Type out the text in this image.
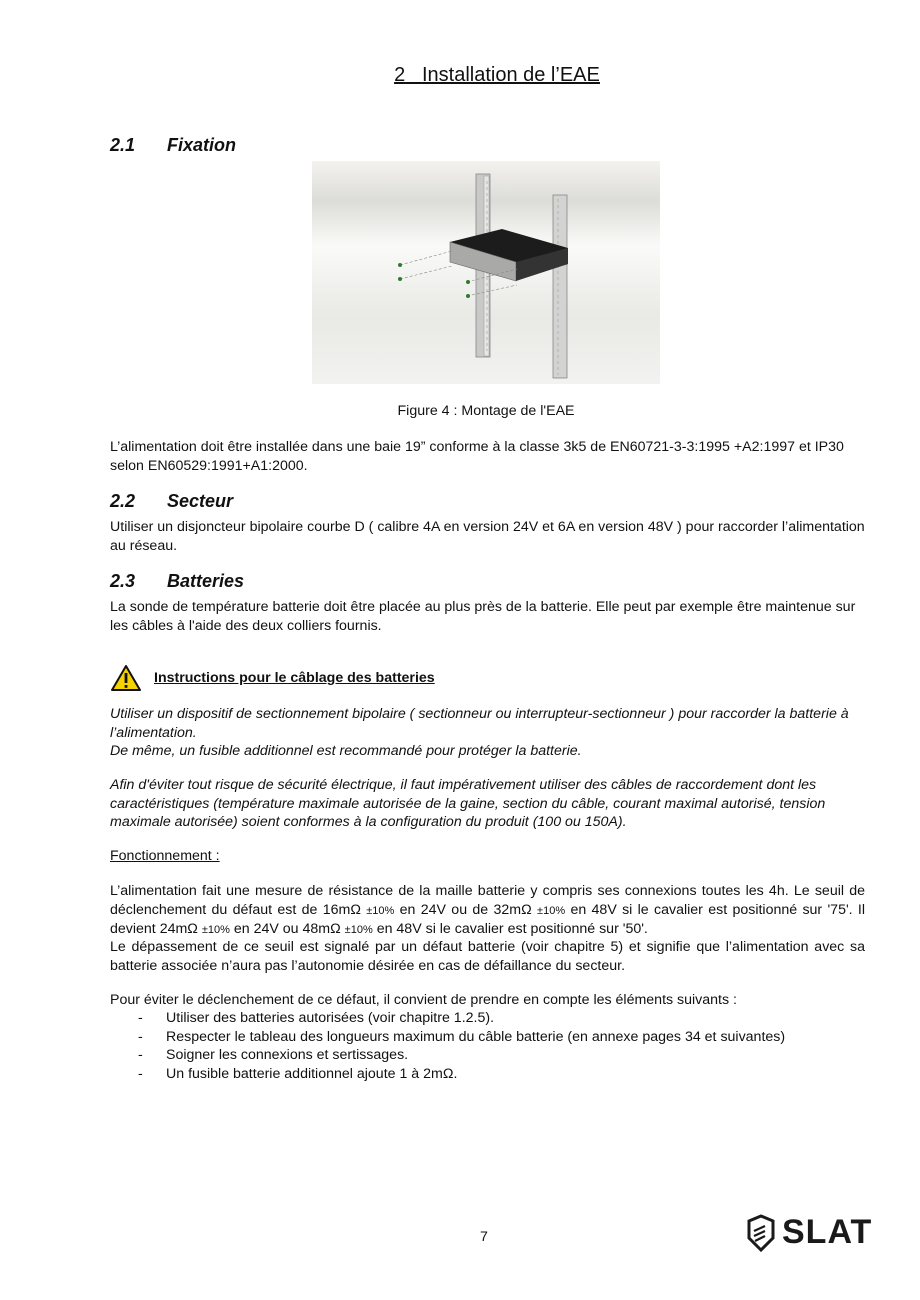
2 Installation de l’EAE
2.1 Fixation
Figure 4 : Montage de l'EAE
L’alimentation doit être installée dans une baie 19” conforme à la classe 3k5 de EN60721-3-3:1995 +A2:1997 et IP30 selon EN60529:1991+A1:2000.
2.2 Secteur
Utiliser un disjoncteur bipolaire courbe D ( calibre 4A en version 24V et 6A en version 48V ) pour raccorder l’alimentation au réseau.
2.3 Batteries
La sonde de température batterie doit être placée au plus près de la batterie. Elle peut par exemple être maintenue sur les câbles à l'aide des deux colliers fournis.
Instructions pour le câblage des batteries
Utiliser un dispositif de sectionnement bipolaire ( sectionneur ou interrupteur-sectionneur ) pour raccorder la batterie à l’alimentation.
De même, un fusible additionnel est recommandé pour protéger la batterie.
Afin d'éviter tout risque de sécurité électrique, il faut impérativement utiliser des câbles de raccordement dont les caractéristiques (température maximale autorisée de la gaine, section du câble, courant maximal autorisé, tension maximale autorisée) soient conformes à la configuration du produit (100 ou 150A).
Fonctionnement :
L’alimentation fait une mesure de résistance de la maille batterie y compris ses connexions toutes les 4h. Le seuil de déclenchement du défaut est de 16mΩ ±10% en 24V ou de 32mΩ ±10% en 48V si le cavalier est positionné sur '75'. Il devient 24mΩ ±10% en 24V ou 48mΩ ±10% en 48V si le cavalier est positionné sur '50'.
Le dépassement de ce seuil est signalé par un défaut batterie (voir chapitre 5) et signifie que l’alimentation avec sa batterie associée n’aura pas l’autonomie désirée en cas de défaillance du secteur.
Pour éviter le déclenchement de ce défaut, il convient de prendre en compte les éléments suivants :
- Utiliser des batteries autorisées (voir chapitre 1.2.5).
- Respecter le tableau des longueurs maximum du câble batterie (en annexe pages 34 et suivantes)
- Soigner les connexions et sertissages.
- Un fusible batterie additionnel ajoute 1 à 2mΩ.
7	SLAT
